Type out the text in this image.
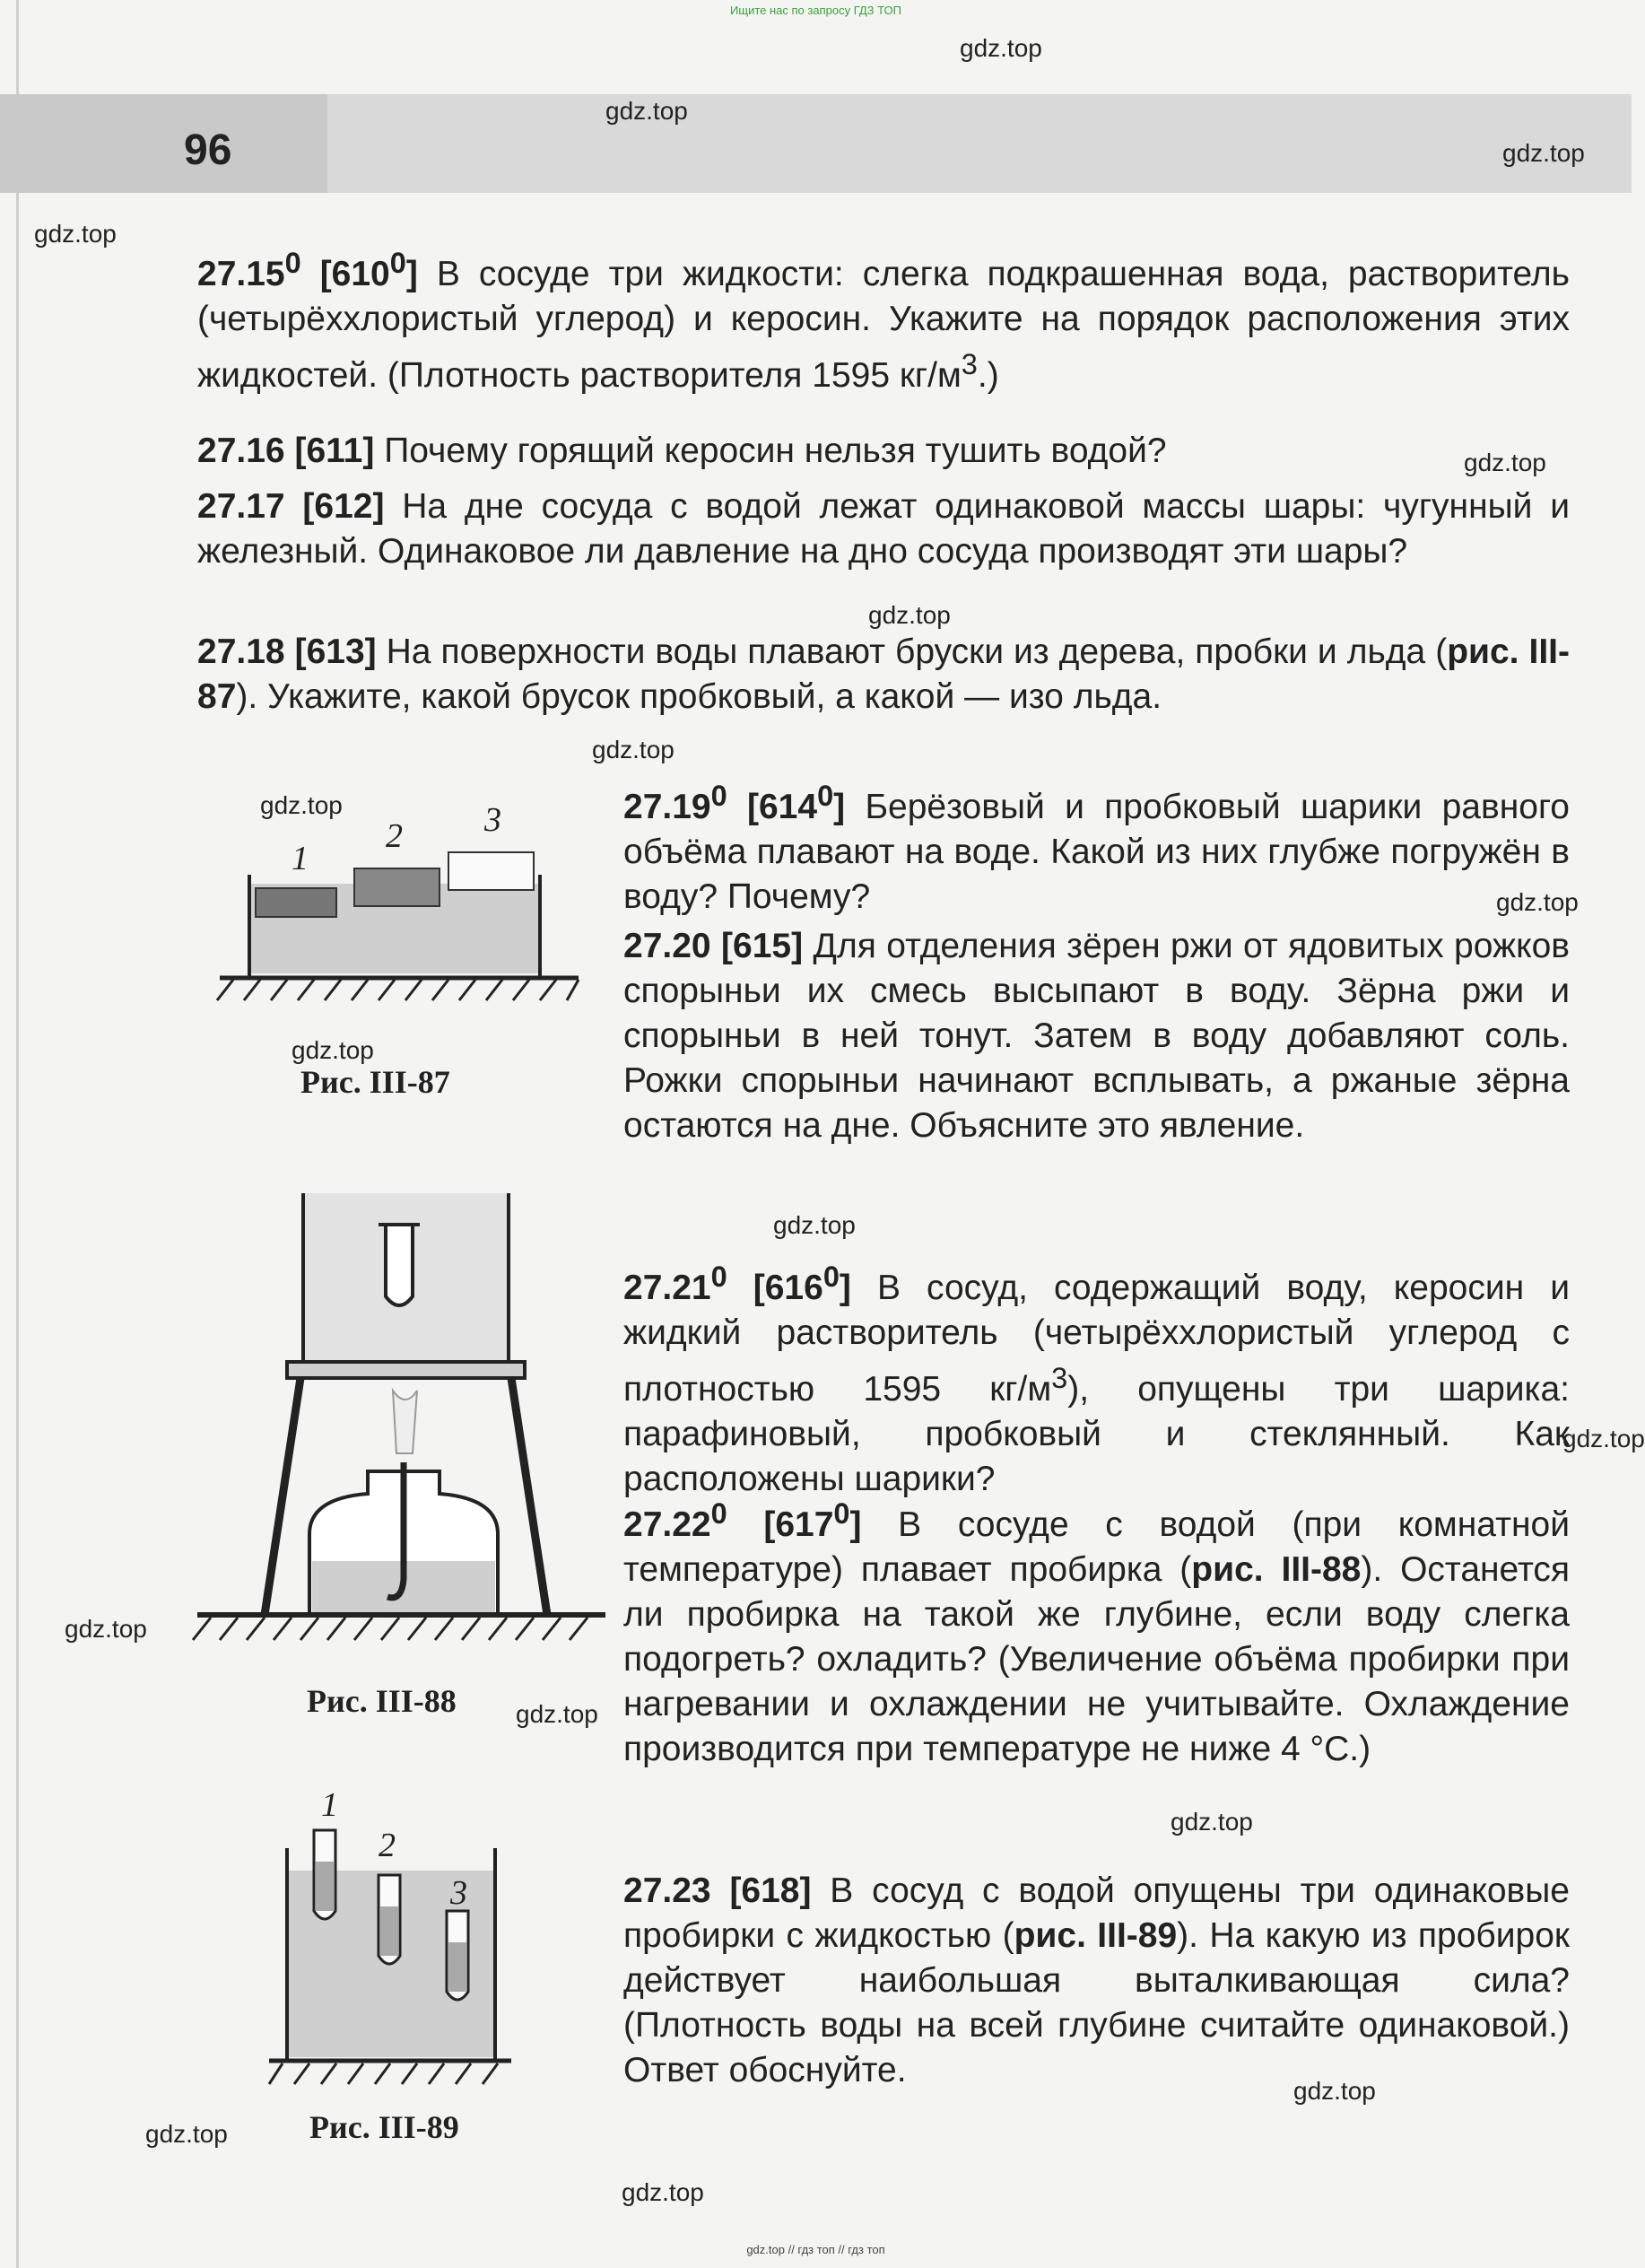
Ищите нас по запросу ГДЗ ТОП
96
gdz.top
gdz.top
gdz.top
gdz.top
gdz.top
gdz.top
gdz.top
gdz.top
gdz.top
gdz.top
gdz.top
gdz.top
gdz.top
gdz.top
gdz.top
gdz.top
gdz.top
gdz.top
27.15$^0$ $[610^0]$ В сосуде три жидкости: слегка подкрашенная вода, растворитель (четырёххлористый углерод) и керосин. Укажите на порядок расположения этих жидкостей. (Плотность растворителя 1595 $кг/м^3$.)
27.16 [611] Почему горящий керосин нельзя тушить водой?
27.17 [612] На дне сосуда с водой лежат одинаковой массы шары: чугунный и железный. Одинаковое ли давление на дно сосуда производят эти шары?
27.18 [613] На поверхности воды плавают бруски из дерева, пробки и льда (рис. III-87). Укажите, какой брусок пробковый, а какой — изо льда.
1
2 3
Рис. III-87
27.19$^0$ $[614^0]$ Берёзовый и пробковый шарики равного объёма плавают на воде. Какой из них глубже погружён в воду? Почему?
27.20 [615] Для отделения зёрен ржи от ядовитых рожков спорыньи их смесь высыпают в воду. Зёрна ржи и спорыньи в ней тонут. Затем в воду добавляют соль. Рожки спорыньи начинают всплывать, а ржаные зёрна остаются на дне. Объясните это явление.
Рис. III-88
27.21$^0$ $[616^0]$ В сосуд, содержащий воду, керосин и жидкий растворитель (четырёххлористый углерод с плотностью 1595 $кг/м^3$), опущены три шарика: парафиновый, пробковый и стеклянный. Как расположены шарики?
27.22$^0$ $[617^0]$ В сосуде с водой (при комнатной температуре) плавает пробирка (рис. III-88). Останется ли пробирка на такой же глубине, если воду слегка подогреть? охладить? (Увеличение объёма пробирки при нагревании и охлаждении не учитывайте. Охлаждение производится при температуре не ниже 4 °С.)
1
2
3
Рис. III-89
27.23 [618] В сосуд с водой опущены три одинаковые пробирки с жидкостью (рис. III-89). На какую из пробирок действует наибольшая выталкивающая сила? (Плотность воды на всей глубине считайте одинаковой.) Ответ обоснуйте.
gdz.top // гдз топ // гдз топ
